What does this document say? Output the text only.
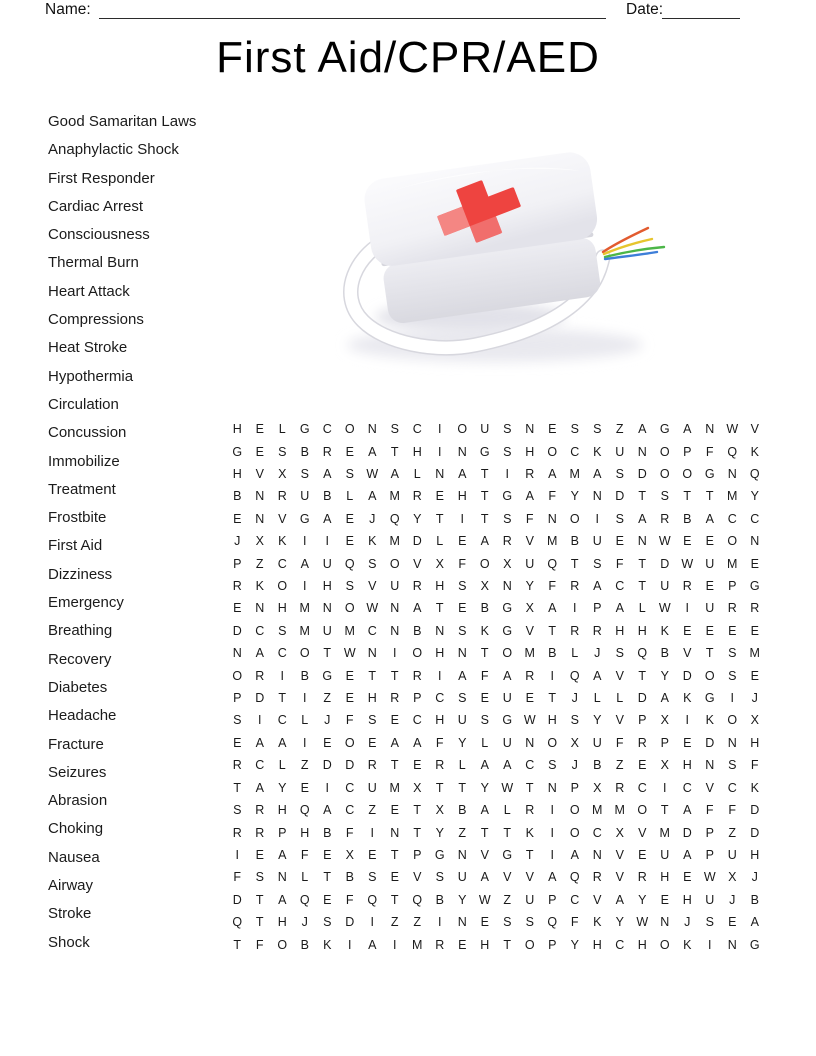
Name:	Date:
First Aid/CPR/AED
Good Samaritan Laws
Anaphylactic Shock
First Responder
Cardiac Arrest
Consciousness
Thermal Burn
Heart Attack
Compressions
Heat Stroke
Hypothermia
Circulation
Concussion
Immobilize
Treatment
Frostbite
First Aid
Dizziness
Emergency
Breathing
Recovery
Diabetes
Headache
Fracture
Seizures
Abrasion
Choking
Nausea
Airway
Stroke
Shock
H	E	L	G	C	O	N	S	C	I	O	U	S	N	E	S	S	Z	A	G	A	N W V
G	E	S	B	R	E	A	T	H	I	N	G	S	H	O	C	K	U	N	O	P	F	Q	K
H	V	X	S	A	S W A	L	N	A	T	I	R	A	M	A	S	D	O	O	G	N	Q
B	N	R	U	B	L	A	M	R	E	H	T	G	A	F	Y	N	D	T	S	T	T	M	Y
E	N	V	G	A	E	J	Q	Y	T	I	T	S	F	N	O	I	S	A	R	B	A	C	C
J	X	K	I	I	E	K	M	D	L	E	A	R	V	M	B	U	E	N W E	E	O	N
P	Z	C	A	U	Q	S	O	V	X	F	O	X	U	Q	T	S	F	T	D W U	M	E
R	K	O	I	H	S	V	U	R	H	S	X	N	Y	F	R	A	C	T	U	R	E	P	G
E	N	H	M	N	O W N	A	T	E	B	G	X	A	I	P	A	L	W	I	U	R	R
D	C	S	M	U	M	C	N	B	N	S	K	G	V	T	R	R	H	H	K	E	E	E	E
N	A	C	O	T	W N	I	O	H	N	T	O M	B	L	J	S	Q	B	V	T	S	M
O	R	I	B	G	E	T	T	R	I	A	F	A	R	I	Q	A	V	T	Y	D	O	S	E
P	D	T	I	Z	E	H	R	P	C	S	E	U	E	T	J	L	L	D	A	K	G	I	J
S	I	C	L	J	F	S	E	C	H	U	S	G W H	S	Y	V	P	X	I	K	O	X
E	A	A	I	E	O	E	A	A	F	Y	L	U	N	O	X	U	F	R	P	E	D	N	H
R	C	L	Z	D	D	R	T	E	R	L	A	A	C	S	J	B	Z	E	X	H	N	S	F
T	A	Y	E	I	C	U	M	X	T	T	Y W	T	N	P	X	R	C	I	C	V	C	K
S	R	H	Q	A	C	Z	E	T	X	B	A	L	R	I	O M M O	T	A	F	F	D
R	R	P	H	B	F	I	N	T	Y	Z	T	T	K	I	O	C	X	V	M	D	P	Z	D
I	E	A	F	E	X	E	T	P	G	N	V	G	T	I	A	N	V	E	U	A	P	U	H
F	S	N	L	T	B	S	E	V	S	U	A	V	V	A	Q	R	V	R	H	E W X	J
D	T	A	Q	E	F	Q	T	Q	B	Y W	Z	U	P	C	V	A	Y	E	H	U	J	B
Q	T	H	J	S	D	I	Z	Z	I	N	E	S	S	Q	F	K	Y W N	J	S	E	A
T	F	O	B	K	I	A	I	M	R	E	H	T	O	P	Y	H	C	H	O	K	I	N	G
